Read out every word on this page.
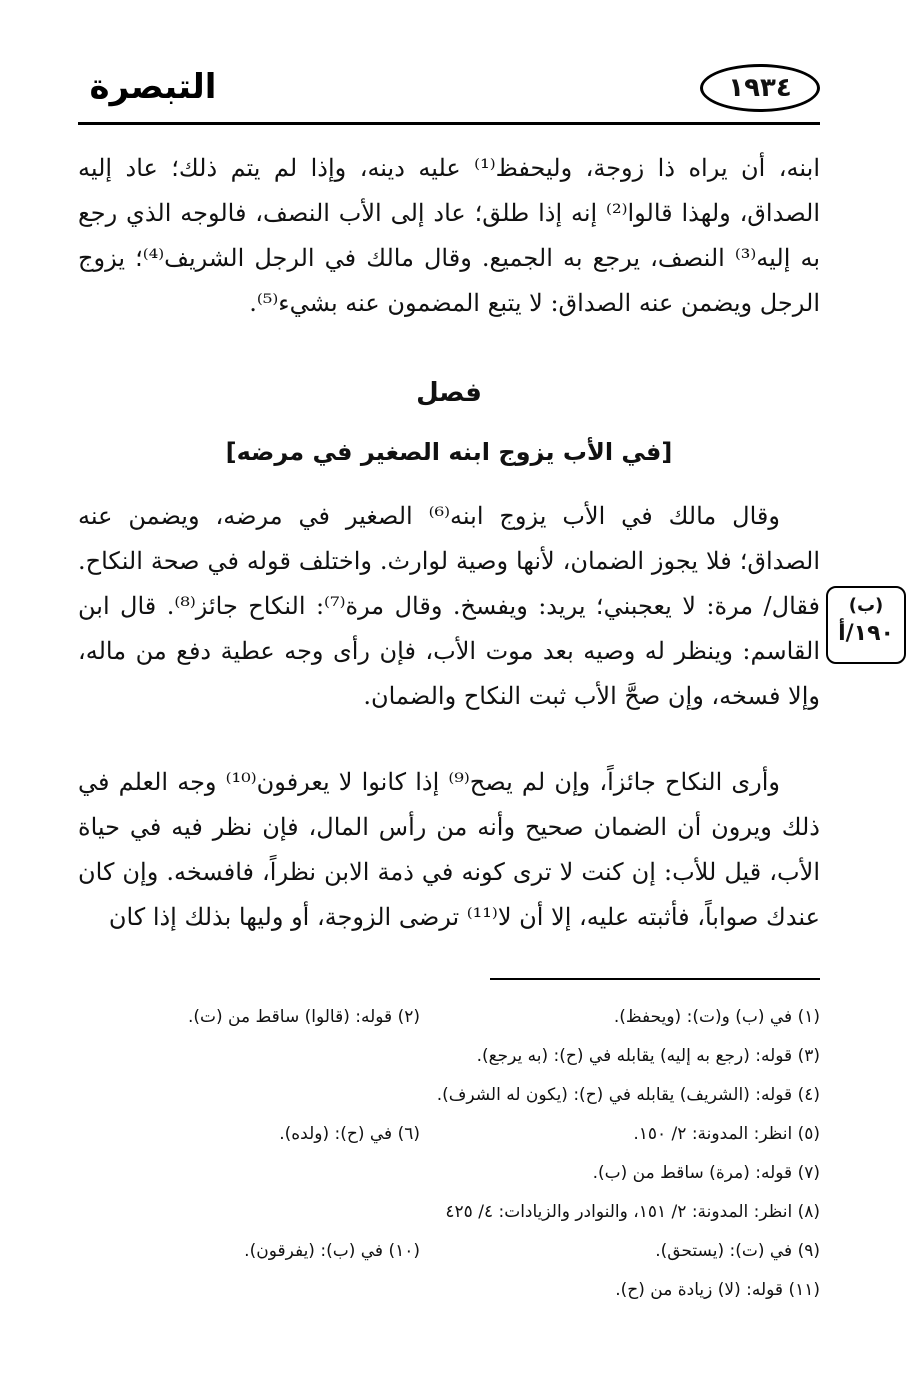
التبصرة	١٩٣٤
ابنه، أن يراه ذا زوجة، وليحفظ⁽¹⁾ عليه دينه، وإذا لم يتم ذلك؛ عاد إليه الصداق، ولهذا قالوا⁽²⁾ إنه إذا طلق؛ عاد إلى الأب النصف، فالوجه الذي رجع به إليه⁽³⁾ النصف، يرجع به الجميع. وقال مالك في الرجل الشريف⁽⁴⁾؛ يزوج الرجل ويضمن عنه الصداق: لا يتبع المضمون عنه بشيء⁽⁵⁾.
فصل
[في الأب يزوج ابنه الصغير في مرضه]
وقال مالك في الأب يزوج ابنه⁽⁶⁾ الصغير في مرضه، ويضمن عنه الصداق؛ فلا يجوز الضمان، لأنها وصية لوارث. واختلف قوله في صحة النكاح. فقال/ مرة: لا يعجبني؛ يريد: ويفسخ. وقال مرة⁽⁷⁾: النكاح جائز⁽⁸⁾. قال ابن القاسم: وينظر له وصيه بعد موت الأب، فإن رأى وجه عطية دفع من ماله، وإلا فسخه، وإن صحَّ الأب ثبت النكاح والضمان.
وأرى النكاح جائزاً، وإن لم يصح⁽⁹⁾ إذا كانوا لا يعرفون⁽¹⁰⁾ وجه العلم في ذلك ويرون أن الضمان صحيح وأنه من رأس المال، فإن نظر فيه في حياة الأب، قيل للأب: إن كنت لا ترى كونه في ذمة الابن نظراً، فافسخه. وإن كان عندك صواباً، فأثبته عليه، إلا أن لا⁽¹¹⁾ ترضى الزوجة، أو وليها بذلك إذا كان
(ب)
١٩٠/أ
(١) في (ب) و(ت): (ويحفظ).
(٢) قوله: (قالوا) ساقط من (ت).
(٣) قوله: (رجع به إليه) يقابله في (ح): (به يرجع).
(٤) قوله: (الشريف) يقابله في (ح): (يكون له الشرف).
(٥) انظر: المدونة: ٢/ ١٥٠.
(٦) في (ح): (ولده).
(٧) قوله: (مرة) ساقط من (ب).
(٨) انظر: المدونة: ٢/ ١٥١، والنوادر والزيادات: ٤/ ٤٢٥
(٩) في (ت): (يستحق).
(١٠) في (ب): (يفرقون).
(١١) قوله: (لا) زيادة من (ح).
